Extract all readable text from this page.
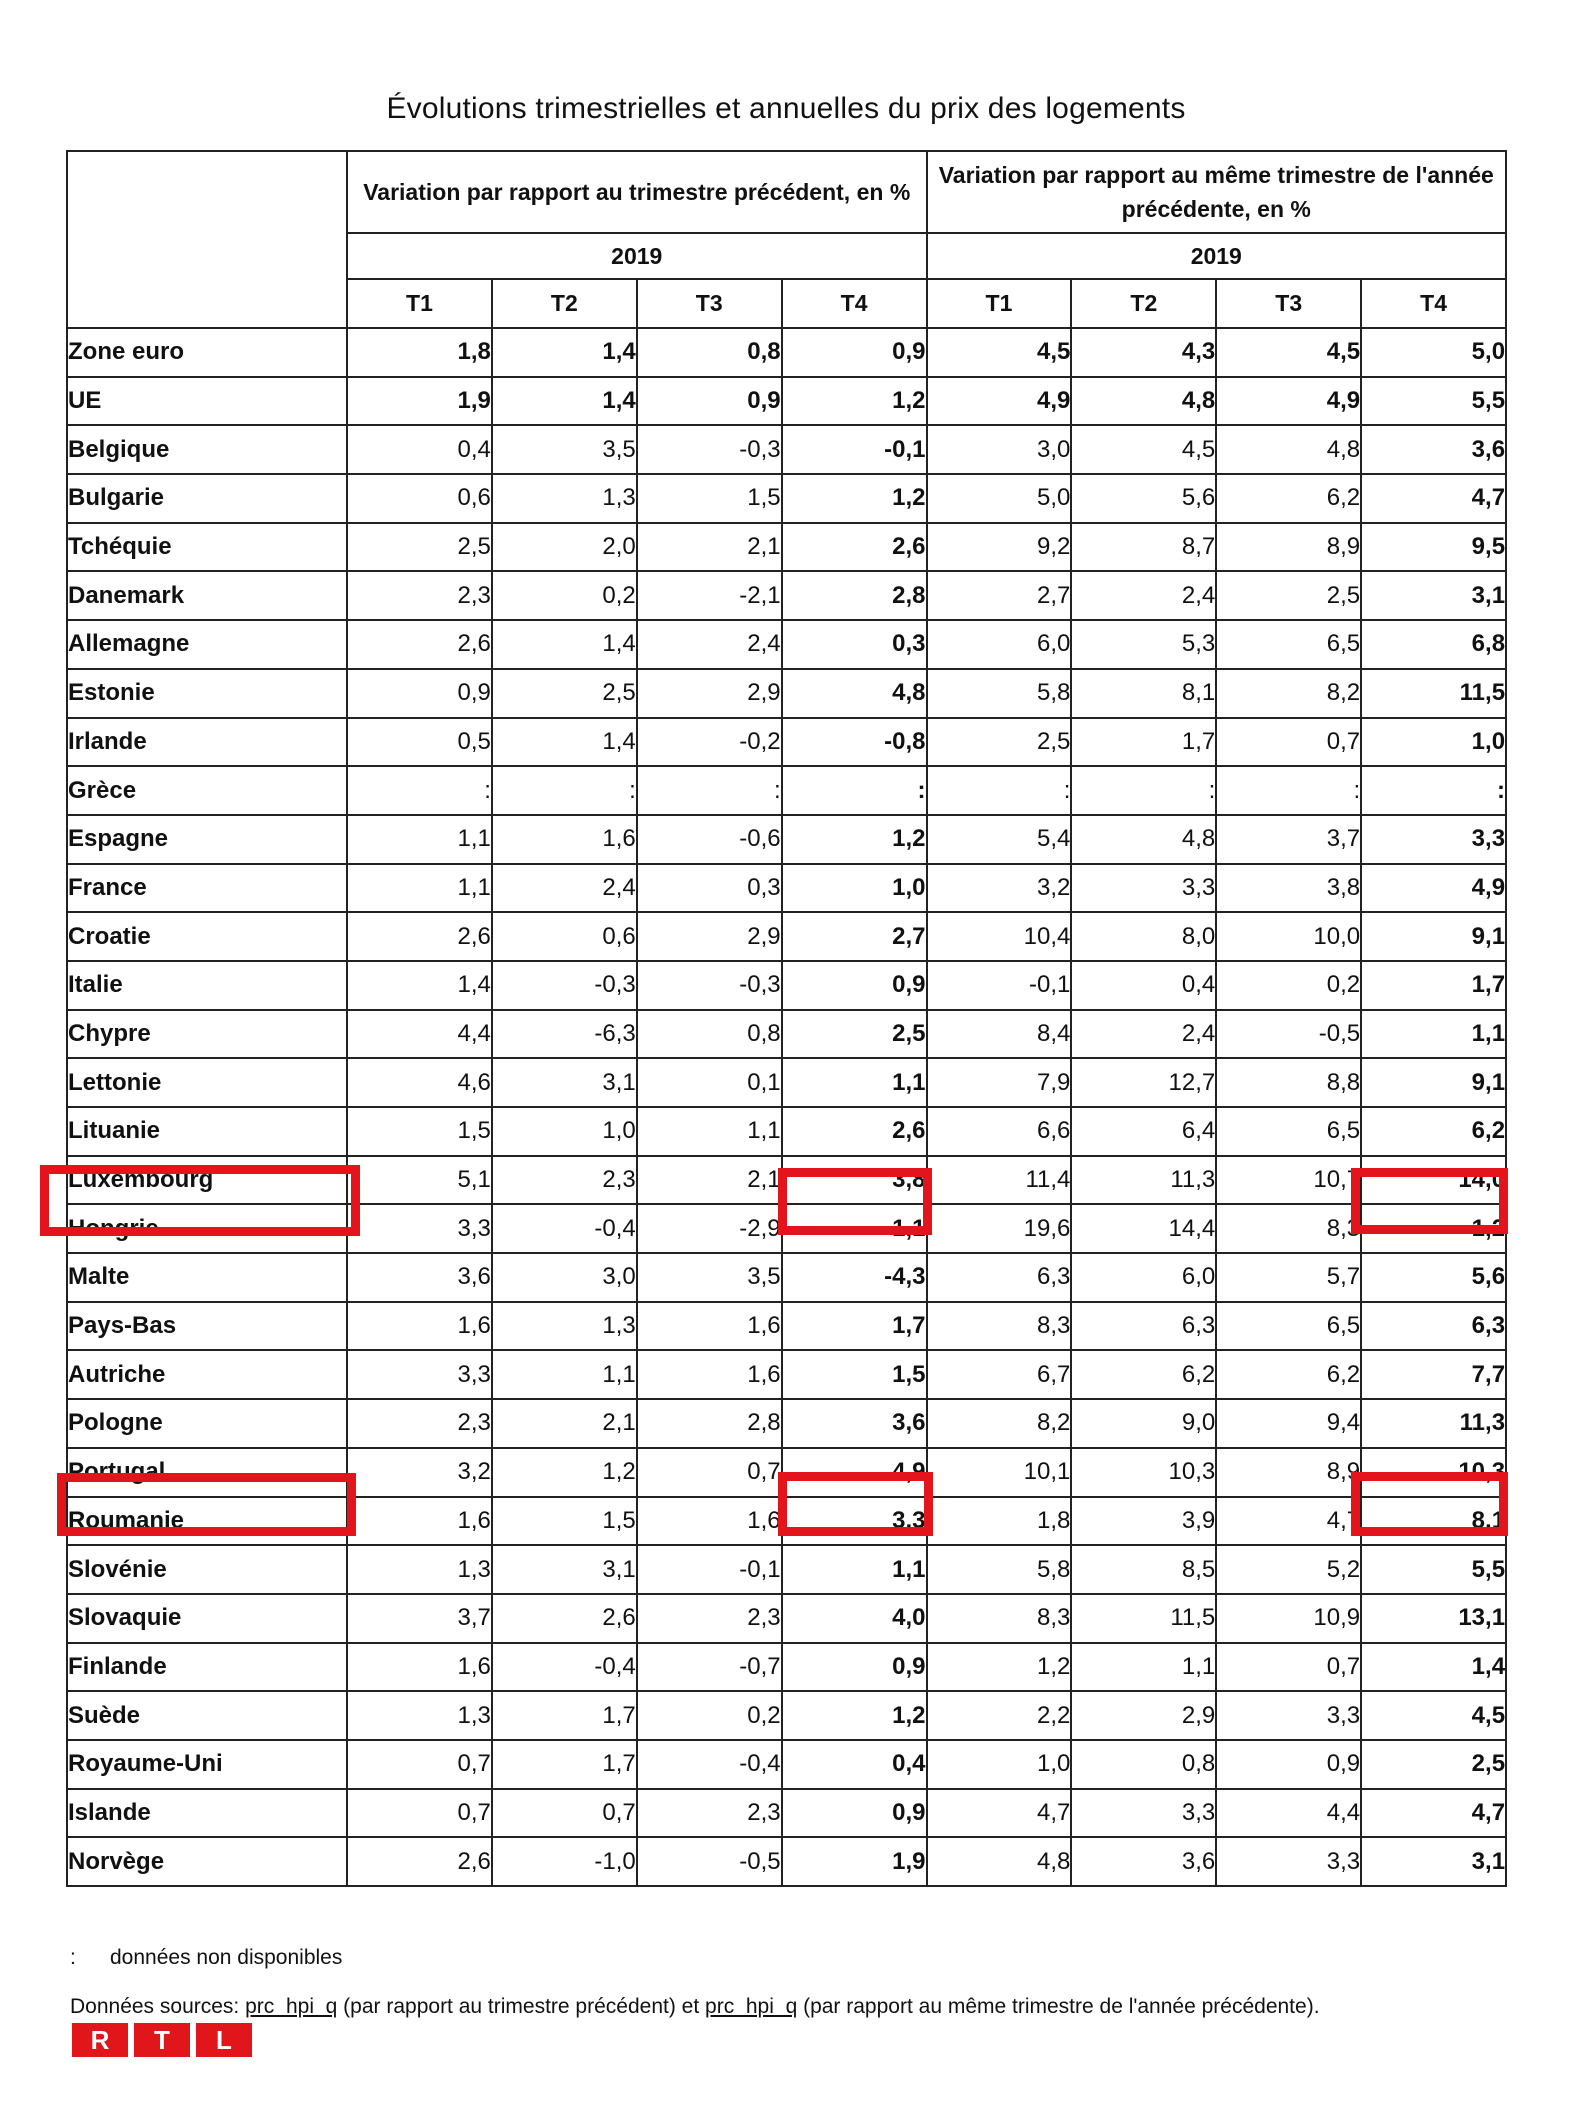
Évolutions trimestrielles et annuelles du prix des logements
	Variation par rapport au trimestre précédent, en %				Variation par rapport au même trimestre de l'année précédente, en %			
	2019				2019			
	T1	T2	T3	T4	T1	T2	T3	T4
Zone euro	1,8	1,4	0,8	0,9	4,5	4,3	4,5	5,0
UE	1,9	1,4	0,9	1,2	4,9	4,8	4,9	5,5
Belgique	0,4	3,5	-0,3	-0,1	3,0	4,5	4,8	3,6
Bulgarie	0,6	1,3	1,5	1,2	5,0	5,6	6,2	4,7
Tchéquie	2,5	2,0	2,1	2,6	9,2	8,7	8,9	9,5
Danemark	2,3	0,2	-2,1	2,8	2,7	2,4	2,5	3,1
Allemagne	2,6	1,4	2,4	0,3	6,0	5,3	6,5	6,8
Estonie	0,9	2,5	2,9	4,8	5,8	8,1	8,2	11,5
Irlande	0,5	1,4	-0,2	-0,8	2,5	1,7	0,7	1,0
Grèce	:	:	:	:	:	:	:	:
Espagne	1,1	1,6	-0,6	1,2	5,4	4,8	3,7	3,3
France	1,1	2,4	0,3	1,0	3,2	3,3	3,8	4,9
Croatie	2,6	0,6	2,9	2,7	10,4	8,0	10,0	9,1
Italie	1,4	-0,3	-0,3	0,9	-0,1	0,4	0,2	1,7
Chypre	4,4	-6,3	0,8	2,5	8,4	2,4	-0,5	1,1
Lettonie	4,6	3,1	0,1	1,1	7,9	12,7	8,8	9,1
Lituanie	1,5	1,0	1,1	2,6	6,6	6,4	6,5	6,2
Luxembourg	5,1	2,3	2,1	3,8	11,4	11,3	10,7	14,0
Hongrie	3,3	-0,4	-2,9	-1,1	19,6	14,4	8,3	-1,2
Malte	3,6	3,0	3,5	-4,3	6,3	6,0	5,7	5,6
Pays-Bas	1,6	1,3	1,6	1,7	8,3	6,3	6,5	6,3
Autriche	3,3	1,1	1,6	1,5	6,7	6,2	6,2	7,7
Pologne	2,3	2,1	2,8	3,6	8,2	9,0	9,4	11,3
Portugal	3,2	1,2	0,7	4,9	10,1	10,3	8,9	10,3
Roumanie	1,6	1,5	1,6	3,3	1,8	3,9	4,7	8,1
Slovénie	1,3	3,1	-0,1	1,1	5,8	8,5	5,2	5,5
Slovaquie	3,7	2,6	2,3	4,0	8,3	11,5	10,9	13,1
Finlande	1,6	-0,4	-0,7	0,9	1,2	1,1	0,7	1,4
Suède	1,3	1,7	0,2	1,2	2,2	2,9	3,3	4,5
Royaume-Uni	0,7	1,7	-0,4	0,4	1,0	0,8	0,9	2,5
Islande	0,7	0,7	2,3	0,9	4,7	3,3	4,4	4,7
Norvège	2,6	-1,0	-0,5	1,9	4,8	3,6	3,3	3,1
: données non disponibles
Données sources: prc_hpi_q (par rapport au trimestre précédent) et prc_hpi_q (par rapport au même trimestre de l'année précédente).
R	T	L
